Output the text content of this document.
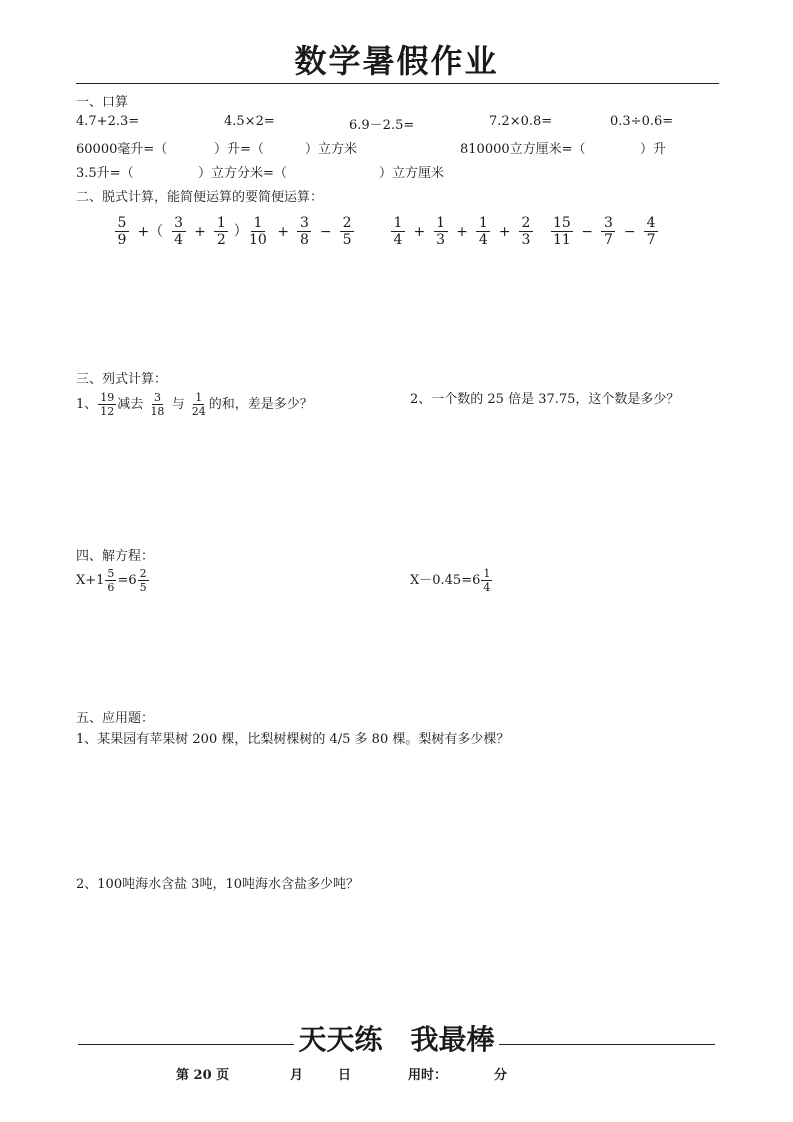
数学暑假作业
一、口算
4.7+2.3=	4.5×2=	6.9－2.5=	7.2×0.8=	0.3÷0.6=
60000毫升=（	）升=（	）立方米	810000立方厘米=（	）升
3.5升=（	）立方分米=（	）立方厘米
二、脱式计算，能简便运算的要简便运算：
$\frac{5}{9}$ +（ $\frac{3}{4} + \frac{1}{2}$ ） $\frac{1}{10} + \frac{3}{8} - \frac{2}{5}$	$\frac{1}{4} + \frac{1}{3} + \frac{1}{4} + \frac{2}{3} \frac{15}{11} - \frac{3}{7} - \frac{4}{7}$
三、列式计算：
1、 $\frac{19}{12}$ 减去 $\frac{3}{18}$ 与 $\frac{1}{24}$ 的和，差是多少？	2、一个数的 25 倍是 37.75，这个数是多少？
四、解方程：
$X+1 \frac{5}{6} =6 \frac{2}{5}$	$X-0.45=6 \frac{1}{4}$
五、应用题：
1、某果园有苹果树 200 棵，比梨树棵树的 4/5 多 80 棵。梨树有多少棵？
2、100吨海水含盐 3吨，10吨海水含盐多少吨？
天天练　我最棒
第 20 页	月	日	用时：	分
